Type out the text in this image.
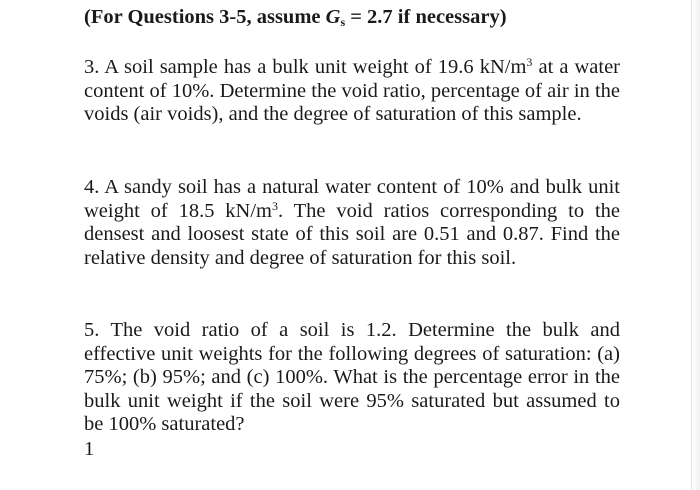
(For Questions 3-5, assume $G_s = 2.7$ if necessary)

3. A soil sample has a bulk unit weight of 19.6 $kN/m^3$ at a water content of 10%. Determine the void ratio, percentage of air in the voids (air voids), and the degree of saturation of this sample.

4. A sandy soil has a natural water content of 10% and bulk unit weight of 18.5 $kN/m^3$. The void ratios corresponding to the densest and loosest state of this soil are 0.51 and 0.87. Find the relative density and degree of saturation for this soil.

5. The void ratio of a soil is 1.2. Determine the bulk and effective unit weights for the following degrees of saturation: (a) 75%; (b) 95%; and (c) 100%. What is the percentage error in the bulk unit weight if the soil were 95% saturated but assumed to be 100% saturated?

1
